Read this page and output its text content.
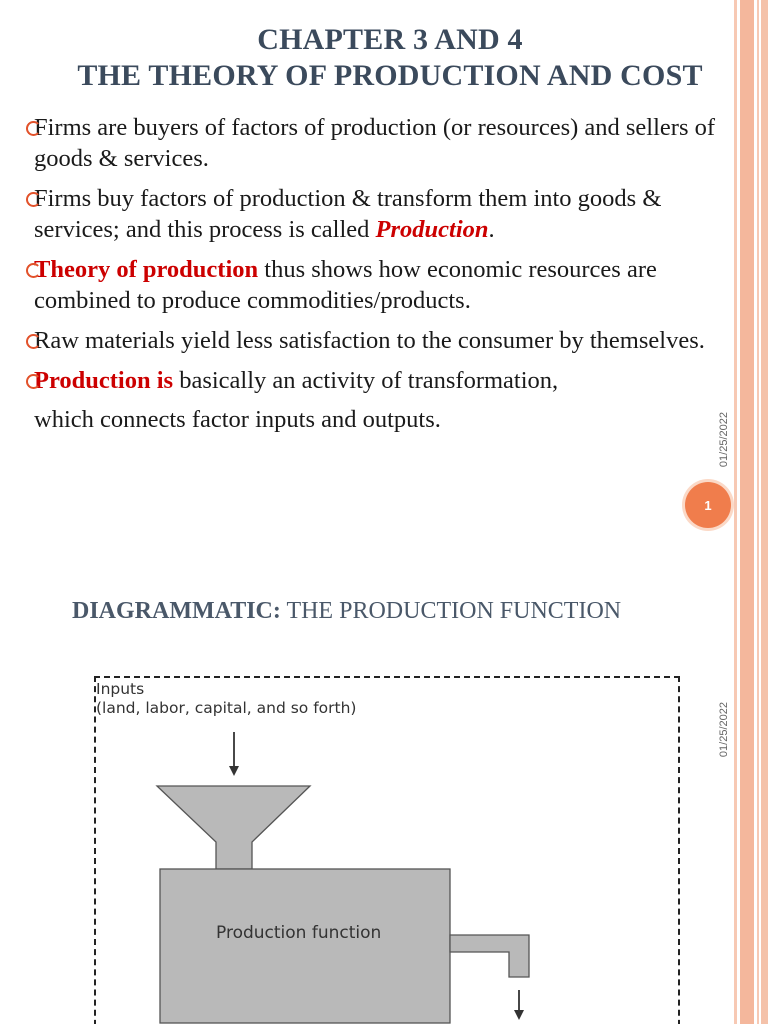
CHAPTER 3 AND 4
THE THEORY OF PRODUCTION AND COST
Firms are buyers of factors of production (or resources) and sellers of goods & services.
Firms buy factors of production & transform them into goods & services; and this process is called Production.
Theory of production thus shows how economic resources are combined to produce commodities/products.
Raw materials yield less satisfaction to the consumer by themselves.
Production is basically an activity of transformation,
which connects factor inputs and outputs.	01/25/2022
1
DIAGRAMMATIC: THE PRODUCTION FUNCTION
Inputs
(land, labor, capital, and so forth)
Production function
01/25/2022
